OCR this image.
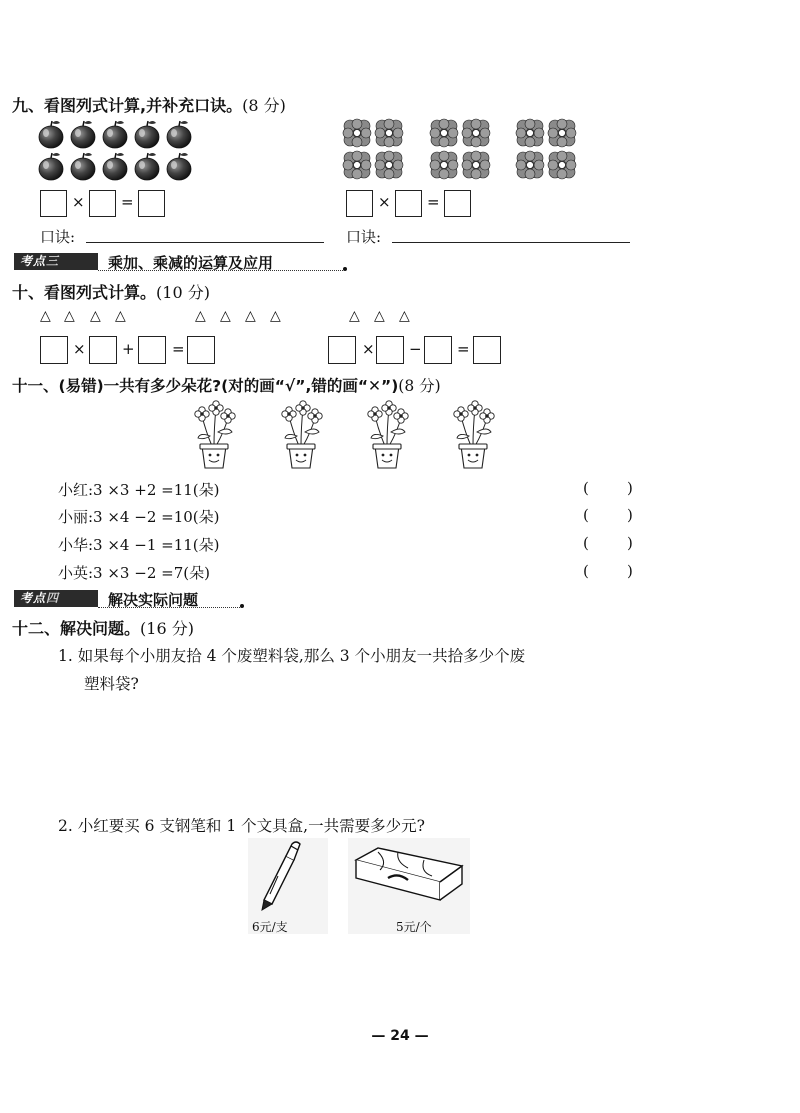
九、看图列式计算,并补充口诀。(8 分)
× =	× =
口诀:	口诀:
考点三	乘加、乘减的运算及应用
十、看图列式计算。(10 分)
△ △ △ △	△ △ △ △	△ △ △
× + =	× − =
十一、(易错)一共有多少朵花?(对的画“√”,错的画“✕”)(8 分)
小红:3 ×3 +2 =11(朵)	(        )
小丽:3 ×4 −2 =10(朵)	(        )
小华:3 ×4 −1 =11(朵)	(        )
小英:3 ×3 −2 =7(朵)	(        )
考点四	解决实际问题
十二、解决问题。(16 分)
1. 如果每个小朋友拾 4 个废塑料袋,那么 3 个小朋友一共拾多少个废
塑料袋?
2. 小红要买 6 支钢笔和 1 个文具盒,一共需要多少元?
6元/支	5元/个
— 24 —
